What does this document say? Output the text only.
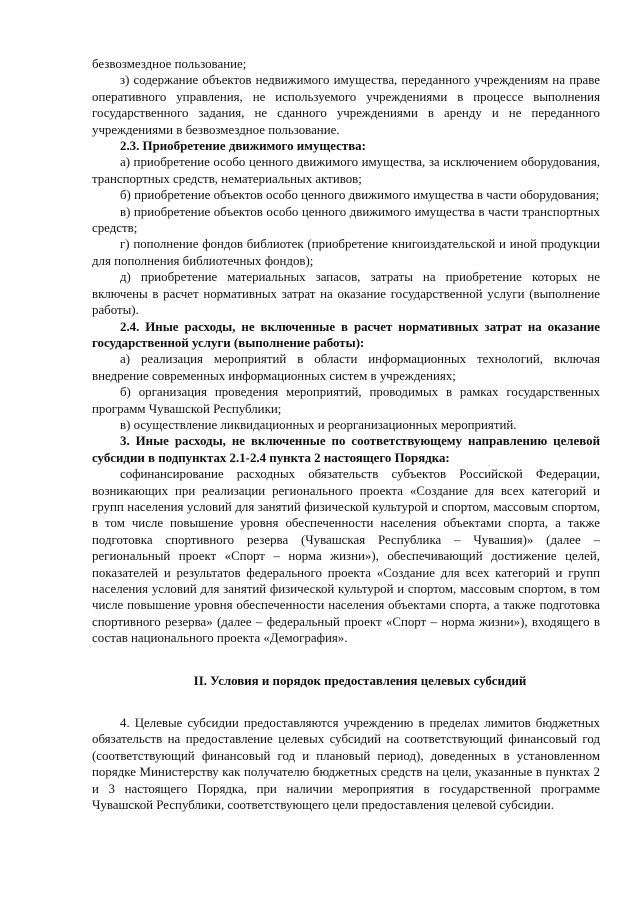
безвозмездное пользование;

з) содержание объектов недвижимого имущества, переданного учреждениям на праве оперативного управления, не используемого учреждениями в процессе выполнения государственного задания, не сданного учреждениями в аренду и не переданного учреждениями в безвозмездное пользование.

2.3. Приобретение движимого имущества:

а) приобретение особо ценного движимого имущества, за исключением оборудования, транспортных средств, нематериальных активов;

б) приобретение объектов особо ценного движимого имущества в части оборудования;

в) приобретение объектов особо ценного движимого имущества в части транспортных средств;

г) пополнение фондов библиотек (приобретение книгоиздательской и иной продукции для пополнения библиотечных фондов);

д) приобретение материальных запасов, затраты на приобретение которых не включены в расчет нормативных затрат на оказание государственной услуги (выполнение работы).

2.4. Иные расходы, не включенные в расчет нормативных затрат на оказание государственной услуги (выполнение работы):

а) реализация мероприятий в области информационных технологий, включая внедрение современных информационных систем в учреждениях;

б) организация проведения мероприятий, проводимых в рамках государственных программ Чувашской Республики;

в) осуществление ликвидационных и реорганизационных мероприятий.

3. Иные расходы, не включенные по соответствующему направлению целевой субсидии в подпунктах 2.1-2.4 пункта 2 настоящего Порядка:

софинансирование расходных обязательств субъектов Российской Федерации, возникающих при реализации регионального проекта «Создание для всех категорий и групп населения условий для занятий физической культурой и спортом, массовым спортом, в том числе повышение уровня обеспеченности населения объектами спорта, а также подготовка спортивного резерва (Чувашская Республика – Чувашия)» (далее – региональный проект «Спорт – норма жизни»), обеспечивающий достижение целей, показателей и результатов федерального проекта «Создание для всех категорий и групп населения условий для занятий физической культурой и спортом, массовым спортом, в том числе повышение уровня обеспеченности населения объектами спорта, а также подготовка спортивного резерва» (далее – федеральный проект «Спорт – норма жизни»), входящего в состав национального проекта «Демография».

II. Условия и порядок предоставления целевых субсидий

4. Целевые субсидии предоставляются учреждению в пределах лимитов бюджетных обязательств на предоставление целевых субсидий на соответствующий финансовый год (соответствующий финансовый год и плановый период), доведенных в установленном порядке Министерству как получателю бюджетных средств на цели, указанные в пунктах 2 и 3 настоящего Порядка, при наличии мероприятия в государственной программе Чувашской Республики, соответствующего цели предоставления целевой субсидии.
